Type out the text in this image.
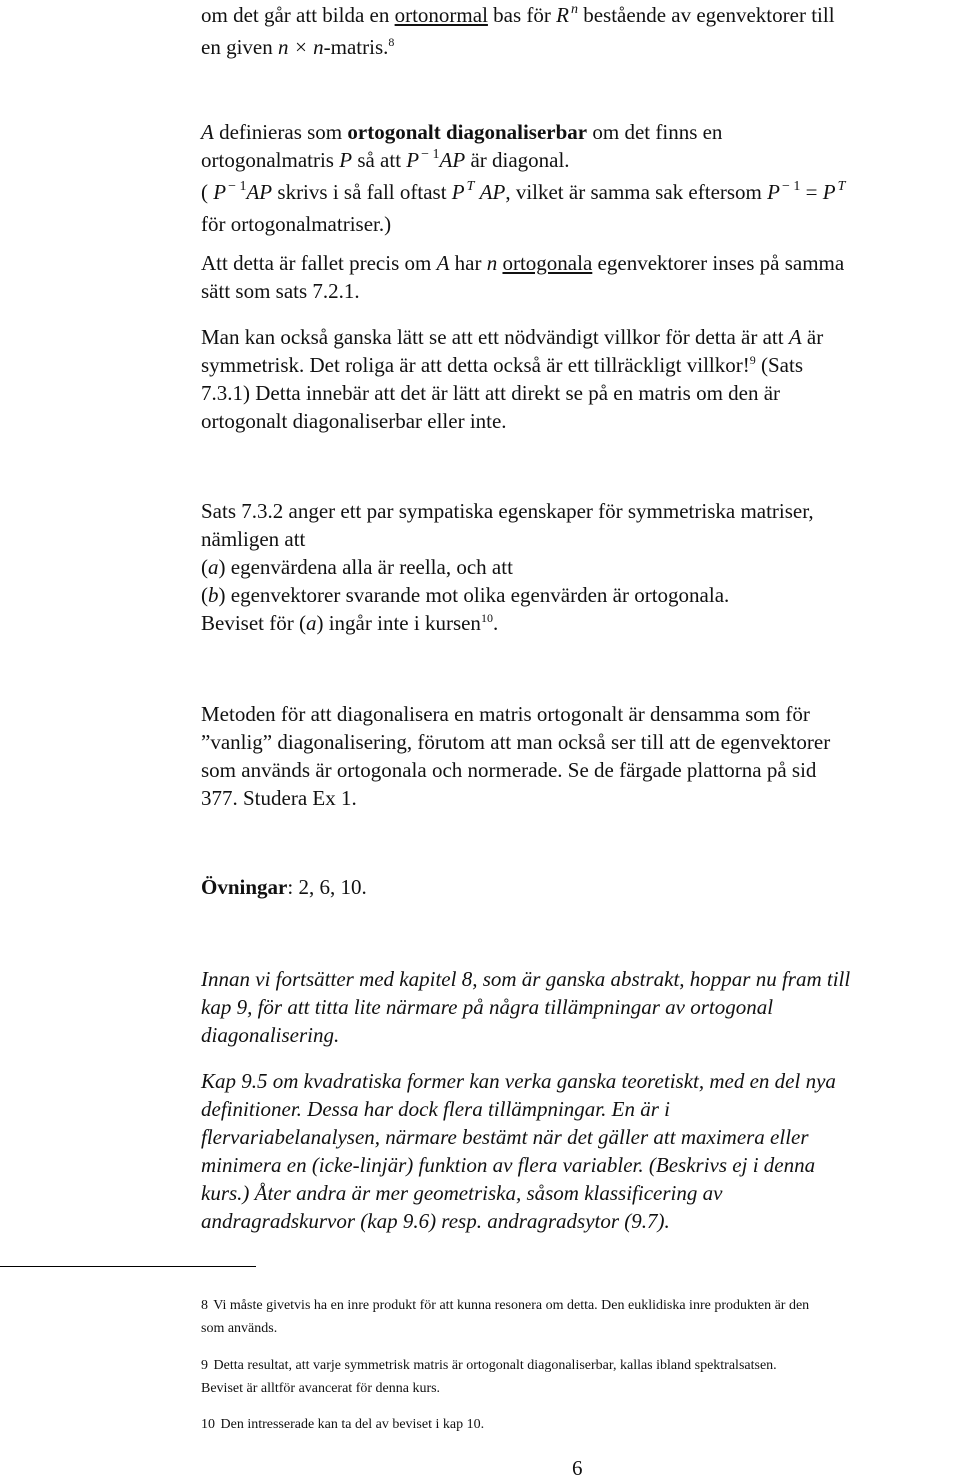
om det går att bilda en ortonormal bas för R $^n$ bestående av egenvektorer till
en given n × n-matris.$^8$
A definieras som ortogonalt diagonaliserbar om det finns en
ortogonalmatris P så att P $^{- 1}$AP är diagonal.
( P $^{- 1}$AP skrivs i så fall oftast P $^T$ AP, vilket är samma sak eftersom P $^{- 1}$ = P $^T$
för ortogonalmatriser.)
Att detta är fallet precis om A har n ortogonala egenvektorer inses på samma
sätt som sats 7.2.1.
Man kan också ganska lätt se att ett nödvändigt villkor för detta är att A är
symmetrisk. Det roliga är att detta också är ett tillräckligt villkor!$^9$ (Sats
7.3.1) Detta innebär att det är lätt att direkt se på en matris om den är
ortogonalt diagonaliserbar eller inte.
Sats 7.3.2 anger ett par sympatiska egenskaper för symmetriska matriser,
nämligen att
(a) egenvärdena alla är reella, och att
(b) egenvektorer svarande mot olika egenvärden är ortogonala.
Beviset för (a) ingår inte i kursen$^{10}$.
Metoden för att diagonalisera en matris ortogonalt är densamma som för
”vanlig” diagonalisering, förutom att man också ser till att de egenvektorer
som används är ortogonala och normerade. Se de färgade plattorna på sid
377. Studera Ex 1.
Övningar: 2, 6, 10.
Innan vi fortsätter med kapitel 8, som är ganska abstrakt, hoppar nu fram till
kap 9, för att titta lite närmare på några tillämpningar av ortogonal
diagonalisering.
Kap 9.5 om kvadratiska former kan verka ganska teoretiskt, med en del nya
definitioner. Dessa har dock flera tillämpningar. En är i
flervariabelanalysen, närmare bestämt när det gäller att maximera eller
minimera en (icke-linjär) funktion av flera variabler. (Beskrivs ej i denna
kurs.) Åter andra är mer geometriska, såsom klassificering av
andragradskurvor (kap 9.6) resp. andragradsytor (9.7).
8 Vi måste givetvis ha en inre produkt för att kunna resonera om detta. Den euklidiska inre produkten är den
som används.
9 Detta resultat, att varje symmetrisk matris är ortogonalt diagonaliserbar, kallas ibland spektralsatsen.
Beviset är alltför avancerat för denna kurs.
10 Den intresserade kan ta del av beviset i kap 10.
6
